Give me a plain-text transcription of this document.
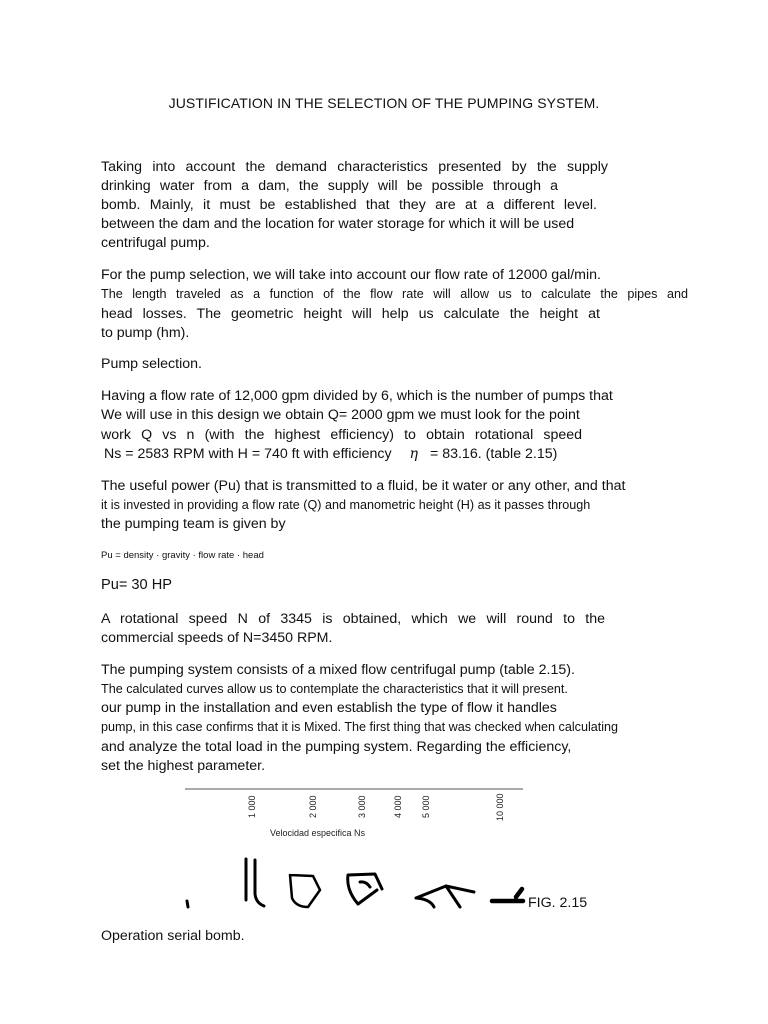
JUSTIFICATION IN THE SELECTION OF THE PUMPING SYSTEM.
Taking into account the demand characteristics presented by the supply
drinking water from a dam, the supply will be possible through a
bomb. Mainly, it must be established that they are at a different level.
between the dam and the location for water storage for which it will be used
centrifugal pump.
For the pump selection, we will take into account our flow rate of 12000 gal/min.
The length traveled as a function of the flow rate will allow us to calculate the pipes and
head losses. The geometric height will help us calculate the height at
to pump (hm).
Pump selection.
Having a flow rate of 12,000 gpm divided by 6, which is the number of pumps that
We will use in this design we obtain Q= 2000 gpm we must look for the point
work Q vs n (with the highest efficiency) to obtain rotational speed
Ns = 2583 RPM with H = 740 ft with efficiency η = 83.16. (table 2.15)
The useful power (Pu) that is transmitted to a fluid, be it water or any other, and that
it is invested in providing a flow rate (Q) and manometric height (H) as it passes through
the pumping team is given by
Pu = density · gravity · flow rate · head
Pu= 30 HP
A rotational speed N of 3345 is obtained, which we will round to the
commercial speeds of N=3450 RPM.
The pumping system consists of a mixed flow centrifugal pump (table 2.15).
The calculated curves allow us to contemplate the characteristics that it will present.
our pump in the installation and even establish the type of flow it handles
pump, in this case confirms that it is Mixed. The first thing that was checked when calculating
and analyze the total load in the pumping system. Regarding the efficiency,
set the highest parameter.
1 000	2 000	3 000	4 000 5 000	10 000
Velocidad especifica Ns
FIG. 2.15
Operation serial bomb.
